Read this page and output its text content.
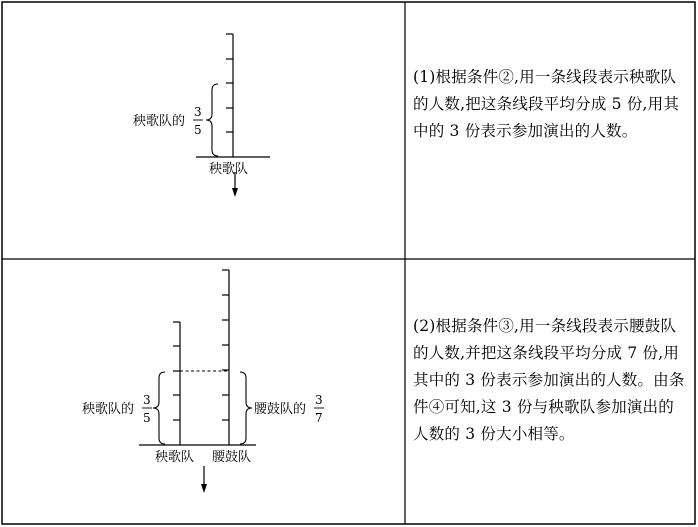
秧歌队的
3
5
秧歌队
秧歌队的
3
5
腰鼓队的
3
7
秧歌队 腰鼓队
(1)根据条件②,用一条线段表示秧歌队的人数,把这条线段平均分成 5 份,用其中的 3 份表示参加演出的人数。
(2)根据条件③,用一条线段表示腰鼓队的人数,并把这条线段平均分成 7 份,用其中的 3 份表示参加演出的人数。由条件④可知,这 3 份与秧歌队参加演出的人数的 3 份大小相等。
